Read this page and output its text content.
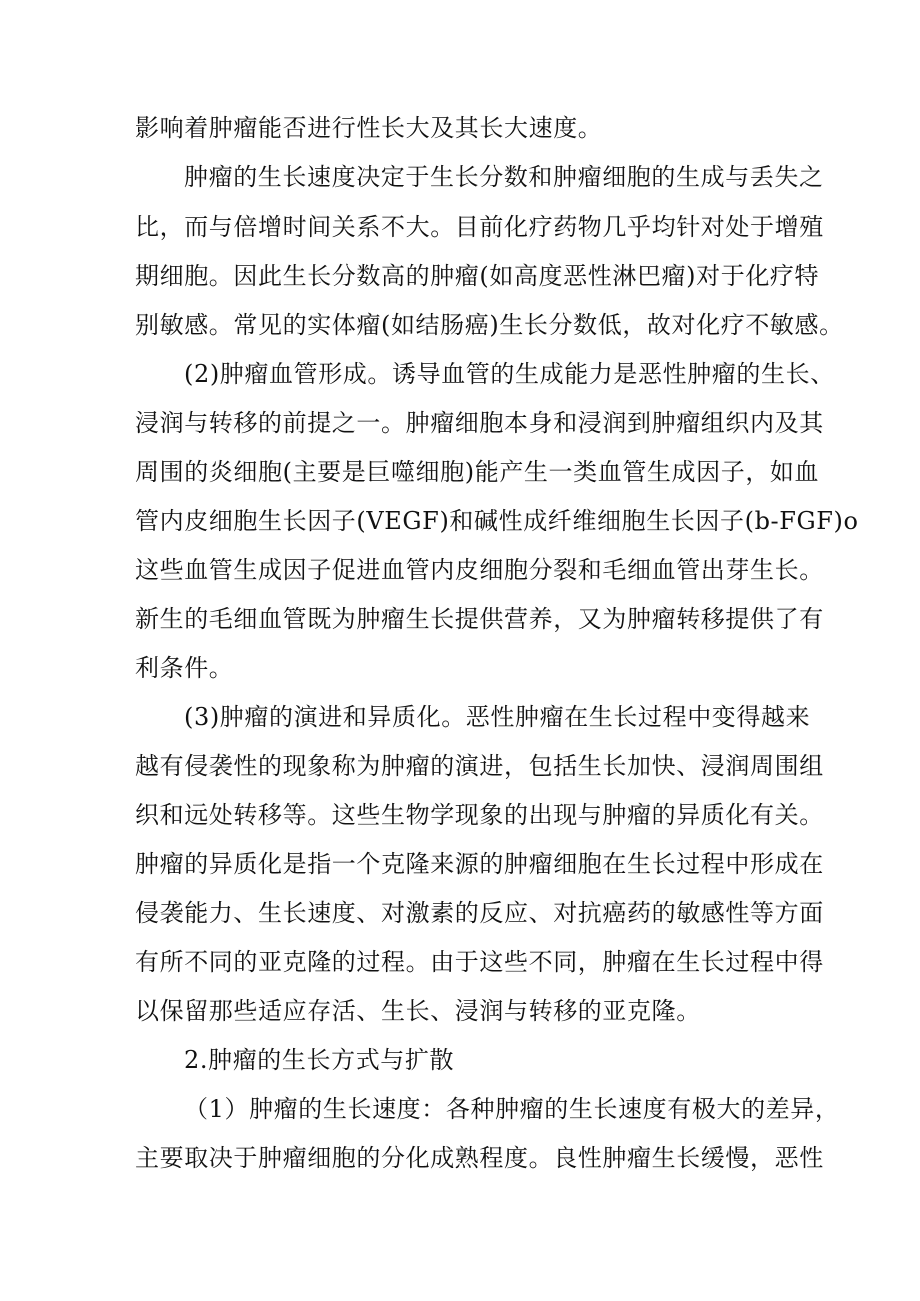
影响着肿瘤能否进行性长大及其长大速度。
肿瘤的生长速度决定于生长分数和肿瘤细胞的生成与丢失之
比，而与倍增时间关系不大。目前化疗药物几乎均针对处于增殖
期细胞。因此生长分数高的肿瘤(如高度恶性淋巴瘤)对于化疗特
别敏感。常见的实体瘤(如结肠癌)生长分数低，故对化疗不敏感。
(2)肿瘤血管形成。诱导血管的生成能力是恶性肿瘤的生长、
浸润与转移的前提之一。肿瘤细胞本身和浸润到肿瘤组织内及其
周围的炎细胞(主要是巨噬细胞)能产生一类血管生成因子，如血
管内皮细胞生长因子(VEGF)和碱性成纤维细胞生长因子(b-FGF)o
这些血管生成因子促进血管内皮细胞分裂和毛细血管出芽生长。
新生的毛细血管既为肿瘤生长提供营养，又为肿瘤转移提供了有
利条件。
(3)肿瘤的演进和异质化。恶性肿瘤在生长过程中变得越来
越有侵袭性的现象称为肿瘤的演进，包括生长加快、浸润周围组
织和远处转移等。这些生物学现象的出现与肿瘤的异质化有关。
肿瘤的异质化是指一个克隆来源的肿瘤细胞在生长过程中形成在
侵袭能力、生长速度、对激素的反应、对抗癌药的敏感性等方面
有所不同的亚克隆的过程。由于这些不同，肿瘤在生长过程中得
以保留那些适应存活、生长、浸润与转移的亚克隆。
2.肿瘤的生长方式与扩散
（1）肿瘤的生长速度：各种肿瘤的生长速度有极大的差异，
主要取决于肿瘤细胞的分化成熟程度。良性肿瘤生长缓慢，恶性
